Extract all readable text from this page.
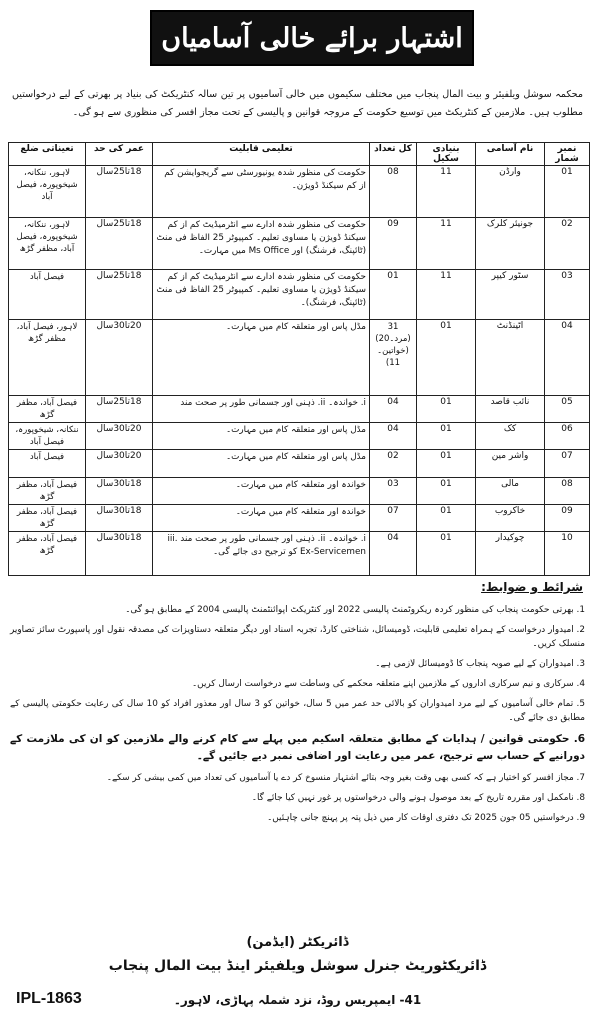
اشتہار برائے خالی آسامیاں
محکمہ سوشل ویلفیئر و بیت المال پنجاب میں مختلف سکیموں میں خالی آسامیوں پر تین سالہ کنٹریکٹ کی بنیاد پر بھرتی کے لیے درخواستیں مطلوب ہیں۔ ملازمین کے کنٹریکٹ میں توسیع حکومت کے مروجہ قوانین و پالیسی کے تحت مجاز افسر کی منظوری سے ہو گی۔
نمبر شمار	نام آسامی	بنیادی سکیل	کل تعداد	تعلیمی قابلیت	عمر کی حد	تعیناتی ضلع
01	وارڈن	11	08	حکومت کی منظور شدہ یونیورسٹی سے گریجوایشن کم از کم سیکنڈ ڈویژن۔	18تا25سال	لاہور، ننکانہ، شیخوپورہ، فیصل آباد
02	جونیئر کلرک	11	09	حکومت کی منظور شدہ ادارے سے انٹرمیڈیٹ کم از کم سیکنڈ ڈویژن یا مساوی تعلیم۔ کمپیوٹر 25 الفاظ فی منٹ (ٹائپنگ، فرشنگ) اور Ms Office میں مہارت۔	18تا25سال	لاہور، ننکانہ، شیخوپورہ، فیصل آباد، مظفر گڑھ
03	سٹور کیپر	11	01	حکومت کی منظور شدہ ادارے سے انٹرمیڈیٹ کم از کم سیکنڈ ڈویژن یا مساوی تعلیم۔ کمپیوٹر 25 الفاظ فی منٹ (ٹائپنگ، فرشنگ)۔	18تا25سال	فیصل آباد
04	اٹینڈنٹ	01	31
(مرد۔20)
(خواتین۔11)	مڈل پاس اور متعلقہ کام میں مہارت۔	20تا30سال	لاہور، فیصل آباد، مظفر گڑھ
05	نائب قاصد	01	04	i. خواندہ۔ ii. ذہنی اور جسمانی طور پر صحت مند	18تا25سال	فیصل آباد، مظفر گڑھ
06	کک	01	04	مڈل پاس اور متعلقہ کام میں مہارت۔	20تا30سال	ننکانہ، شیخوپورہ، فیصل آباد
07	واشر مین	01	02	مڈل پاس اور متعلقہ کام میں مہارت۔	20تا30سال	فیصل آباد
08	مالی	01	03	خواندہ اور متعلقہ کام میں مہارت۔	18تا30سال	فیصل آباد، مظفر گڑھ
09	خاکروب	01	07	خواندہ اور متعلقہ کام میں مہارت۔	18تا30سال	فیصل آباد، مظفر گڑھ
10	چوکیدار	01	04	i. خواندہ۔ ii. ذہنی اور جسمانی طور پر صحت مند iii. Ex-Servicemen کو ترجیح دی جائے گی۔	18تا30سال	فیصل آباد، مظفر گڑھ
شرائط و ضوابط:

1. بھرتی حکومت پنجاب کی منظور کردہ ریکروٹمنٹ پالیسی 2022 اور کنٹریکٹ اپوائنٹمنٹ پالیسی 2004 کے مطابق ہو گی۔

2. امیدوار درخواست کے ہمراہ تعلیمی قابلیت، ڈومیسائل، شناختی کارڈ، تجربہ اسناد اور دیگر متعلقہ دستاویزات کی مصدقہ نقول اور پاسپورٹ سائز تصاویر منسلک کریں۔

3. امیدواران کے لیے صوبہ پنجاب کا ڈومیسائل لازمی ہے۔

4. سرکاری و نیم سرکاری اداروں کے ملازمین اپنے متعلقہ محکمے کی وساطت سے درخواست ارسال کریں۔

5. تمام خالی آسامیوں کے لیے مرد امیدواران کو بالائی حد عمر میں 5 سال، خواتین کو 3 سال اور معذور افراد کو 10 سال کی رعایت حکومتی پالیسی کے مطابق دی جائے گی۔

6. حکومتی قوانین / ہدایات کے مطابق متعلقہ اسکیم میں پہلے سے کام کرنے والے ملازمین کو ان کی ملازمت کے دورانیے کے حساب سے ترجیح، عمر میں رعایت اور اضافی نمبر دیے جائیں گے۔

7. مجاز افسر کو اختیار ہے کہ کسی بھی وقت بغیر وجہ بتائے اشتہار منسوخ کر دے یا آسامیوں کی تعداد میں کمی بیشی کر سکے۔

8. نامکمل اور مقررہ تاریخ کے بعد موصول ہونے والی درخواستوں پر غور نہیں کیا جائے گا۔

9. درخواستیں 05 جون 2025 تک دفتری اوقات کار میں ذیل پتہ پر پہنچ جانی چاہئیں۔

ڈائریکٹر (ایڈمن)
ڈائریکٹوریٹ جنرل سوشل ویلفیئر اینڈ بیت المال پنجاب
41- ایمپریس روڈ، نزد شملہ پہاڑی، لاہور۔
IPL-1863
